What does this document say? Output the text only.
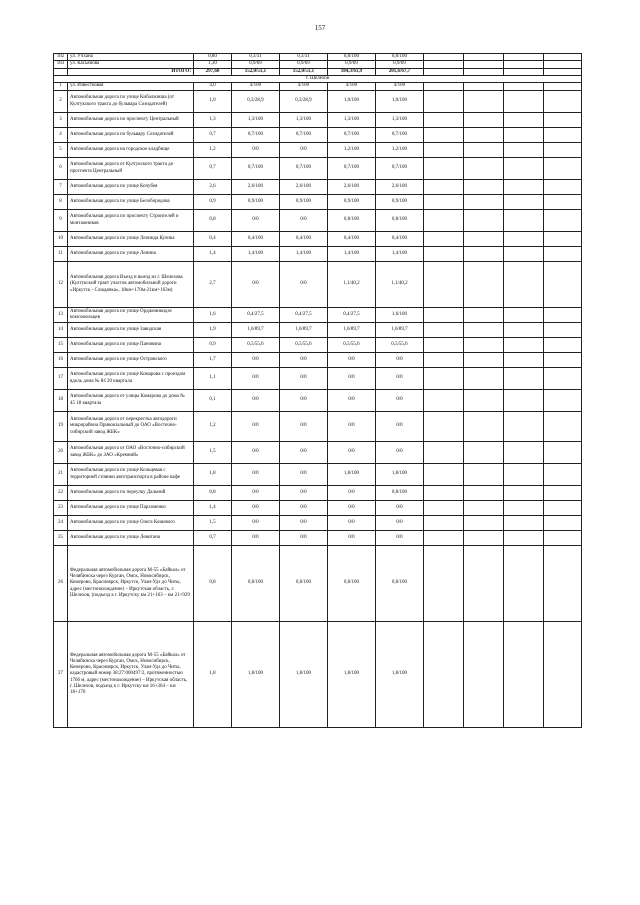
157
182	ул. Учхана	0,80	0,3/31	0,3/31	0,8/100	0,8/100				
183	ул. Касьянова	1,30	0,9/69	0,9/69	0,9/69	0,9/69				
	ИТОГО:	297,60	152,0/51,1	152,0/51,1	184,3/61,9	201,6/67,7				
г. Шелехов										
1	ул. Известковая	4,0	4/100	4/100	4/100	4/100				
2	Автомобильная дорога по улице Кибальчиша (от Култукского тракта до бульвара Созидателей)	1,0	0,3/28,9	0,3/28,9	1,0/100	1,0/100				
3	Автомобильная дорога по проспекту Центральный	1,3	1,3/100	1,3/100	1,3/100	1,3/100				
4	Автомобильная дорога по бульвару Созидателей	0,7	0,7/100	0,7/100	0,7/100	0,7/100				
5	Автомобильная дорога на городское кладбище	1,2	0/0	0/0	1,2/100	1,2/100				
6	Автомобильная дорога от Култукского тракта до проспекта Центральный	0,7	0,7/100	0,7/100	0,7/100	0,7/100				
7	Автомобильная дорога по улице Кочубея	2,6	2,6/100	2,6/100	2,6/100	2,6/100				
8	Автомобильная дорога по улице Белобородова	0,9	0,9/100	0,9/100	0,9/100	0,9/100				
9	Автомобильная дорога по проспекту Строителей и монтажников	0,8	0/0	0/0	0,8/100	0,8/100				
10	Автомобильная дорога по улице Леонида Кулика	0,4	0,4/100	0,4/100	0,4/100	0,4/100				
11	Автомобильная дорога по улице Ленина	1,4	1,4/100	1,4/100	1,4/100	1,4/100				
12	Автомобильная дорога Въезд и выезд из г. Шелехова (Култукский тракт участок автомобильной дороги «Иркутск - Слюдянка», 18км+170м-21км+163м)	2,7	0/0	0/0	1,1/40,2	1,1/40,2				
13	Автомобильная дорога по улице Орджоникидзе комсомольцев	1,6	0,4/27,5	0,4/27,5	0,4/27,5	1,6/100				
14	Автомобильная дорога по улице Заводская	1,9	1,6/89,7	1,6/89,7	1,6/89,7	1,6/89,7				
15	Автомобильная дорога по улице Пановина	0,9	0,5/55,6	0,5/55,6	0,5/55,6	0,5/55,6				
16	Автомобильная дорога по улице Островского	1,7	0/0	0/0	0/0	0/0				
17	Автомобильная дорога по улице Комарова с проездом вдоль дома № 84 20 квартала	1,1	0/0	0/0	0/0	0/0				
18	Автомобильная дорога от улицы Комарова до дома № 45 18 квартала	0,1	0/0	0/0	0/0	0/0				
19	Автомобильная дорога от перекрестка автодороги микрорайона Привокзальный до ОАО «Восточно-сибирский завод ЖБК»	1,2	0/0	0/0	0/0	0/0				
20	Автомобильная дорога от ОАО «Восточно-сибирский завод ЖБК» до ЗАО «Кремний»	1,5	0/0	0/0	0/0	0/0				
21	Автомобильная дорога по улице Кольцевая с территорией стоянки автотранспорта в районе кафе	1,8	0/0	0/0	1,8/100	1,8/100				
22	Автомобильная дорога по переулку Дальний	0,8	0/0	0/0	0/0	0,8/100				
23	Автомобильная дорога по улице Пархоменко	1,4	0/0	0/0	0/0	0/0				
24	Автомобильная дорога по улице Олега Кошевого	1,5	0/0	0/0	0/0	0/0				
25	Автомобильная дорога по улице Левитана	0,7	0/0	0/0	0/0	0/0				
26	Федеральная автомобильная дорога М-55 «Байкал» от Челябинска через Курган, Омск, Новосибирск, Кемерово, Красноярск, Иркутск, Улан-Удэ до Читы, адрес (местонахождение) – Иркутская область, г. Шелехов, (подъезд к г. Иркутску км 21+163 – км 21+929	0,8	0,8/100	0,8/100	0,8/100	0,8/100				
27	Федеральная автомобильная дорога М-55 «Байкал» от Челябинска через Курган, Омск, Новосибирск, Кемерово, Красноярск, Иркутск, Улан-Удэ до Читы, кадастровый номер 38:27:000497:2, протяженностью 1766 м, адрес (местонахождение) – Иркутская область, г. Шелехов, подъезд к г. Иркутску км 16+364 – км 18+170	1,8	1,8/100	1,8/100	1,8/100	1,8/100				
